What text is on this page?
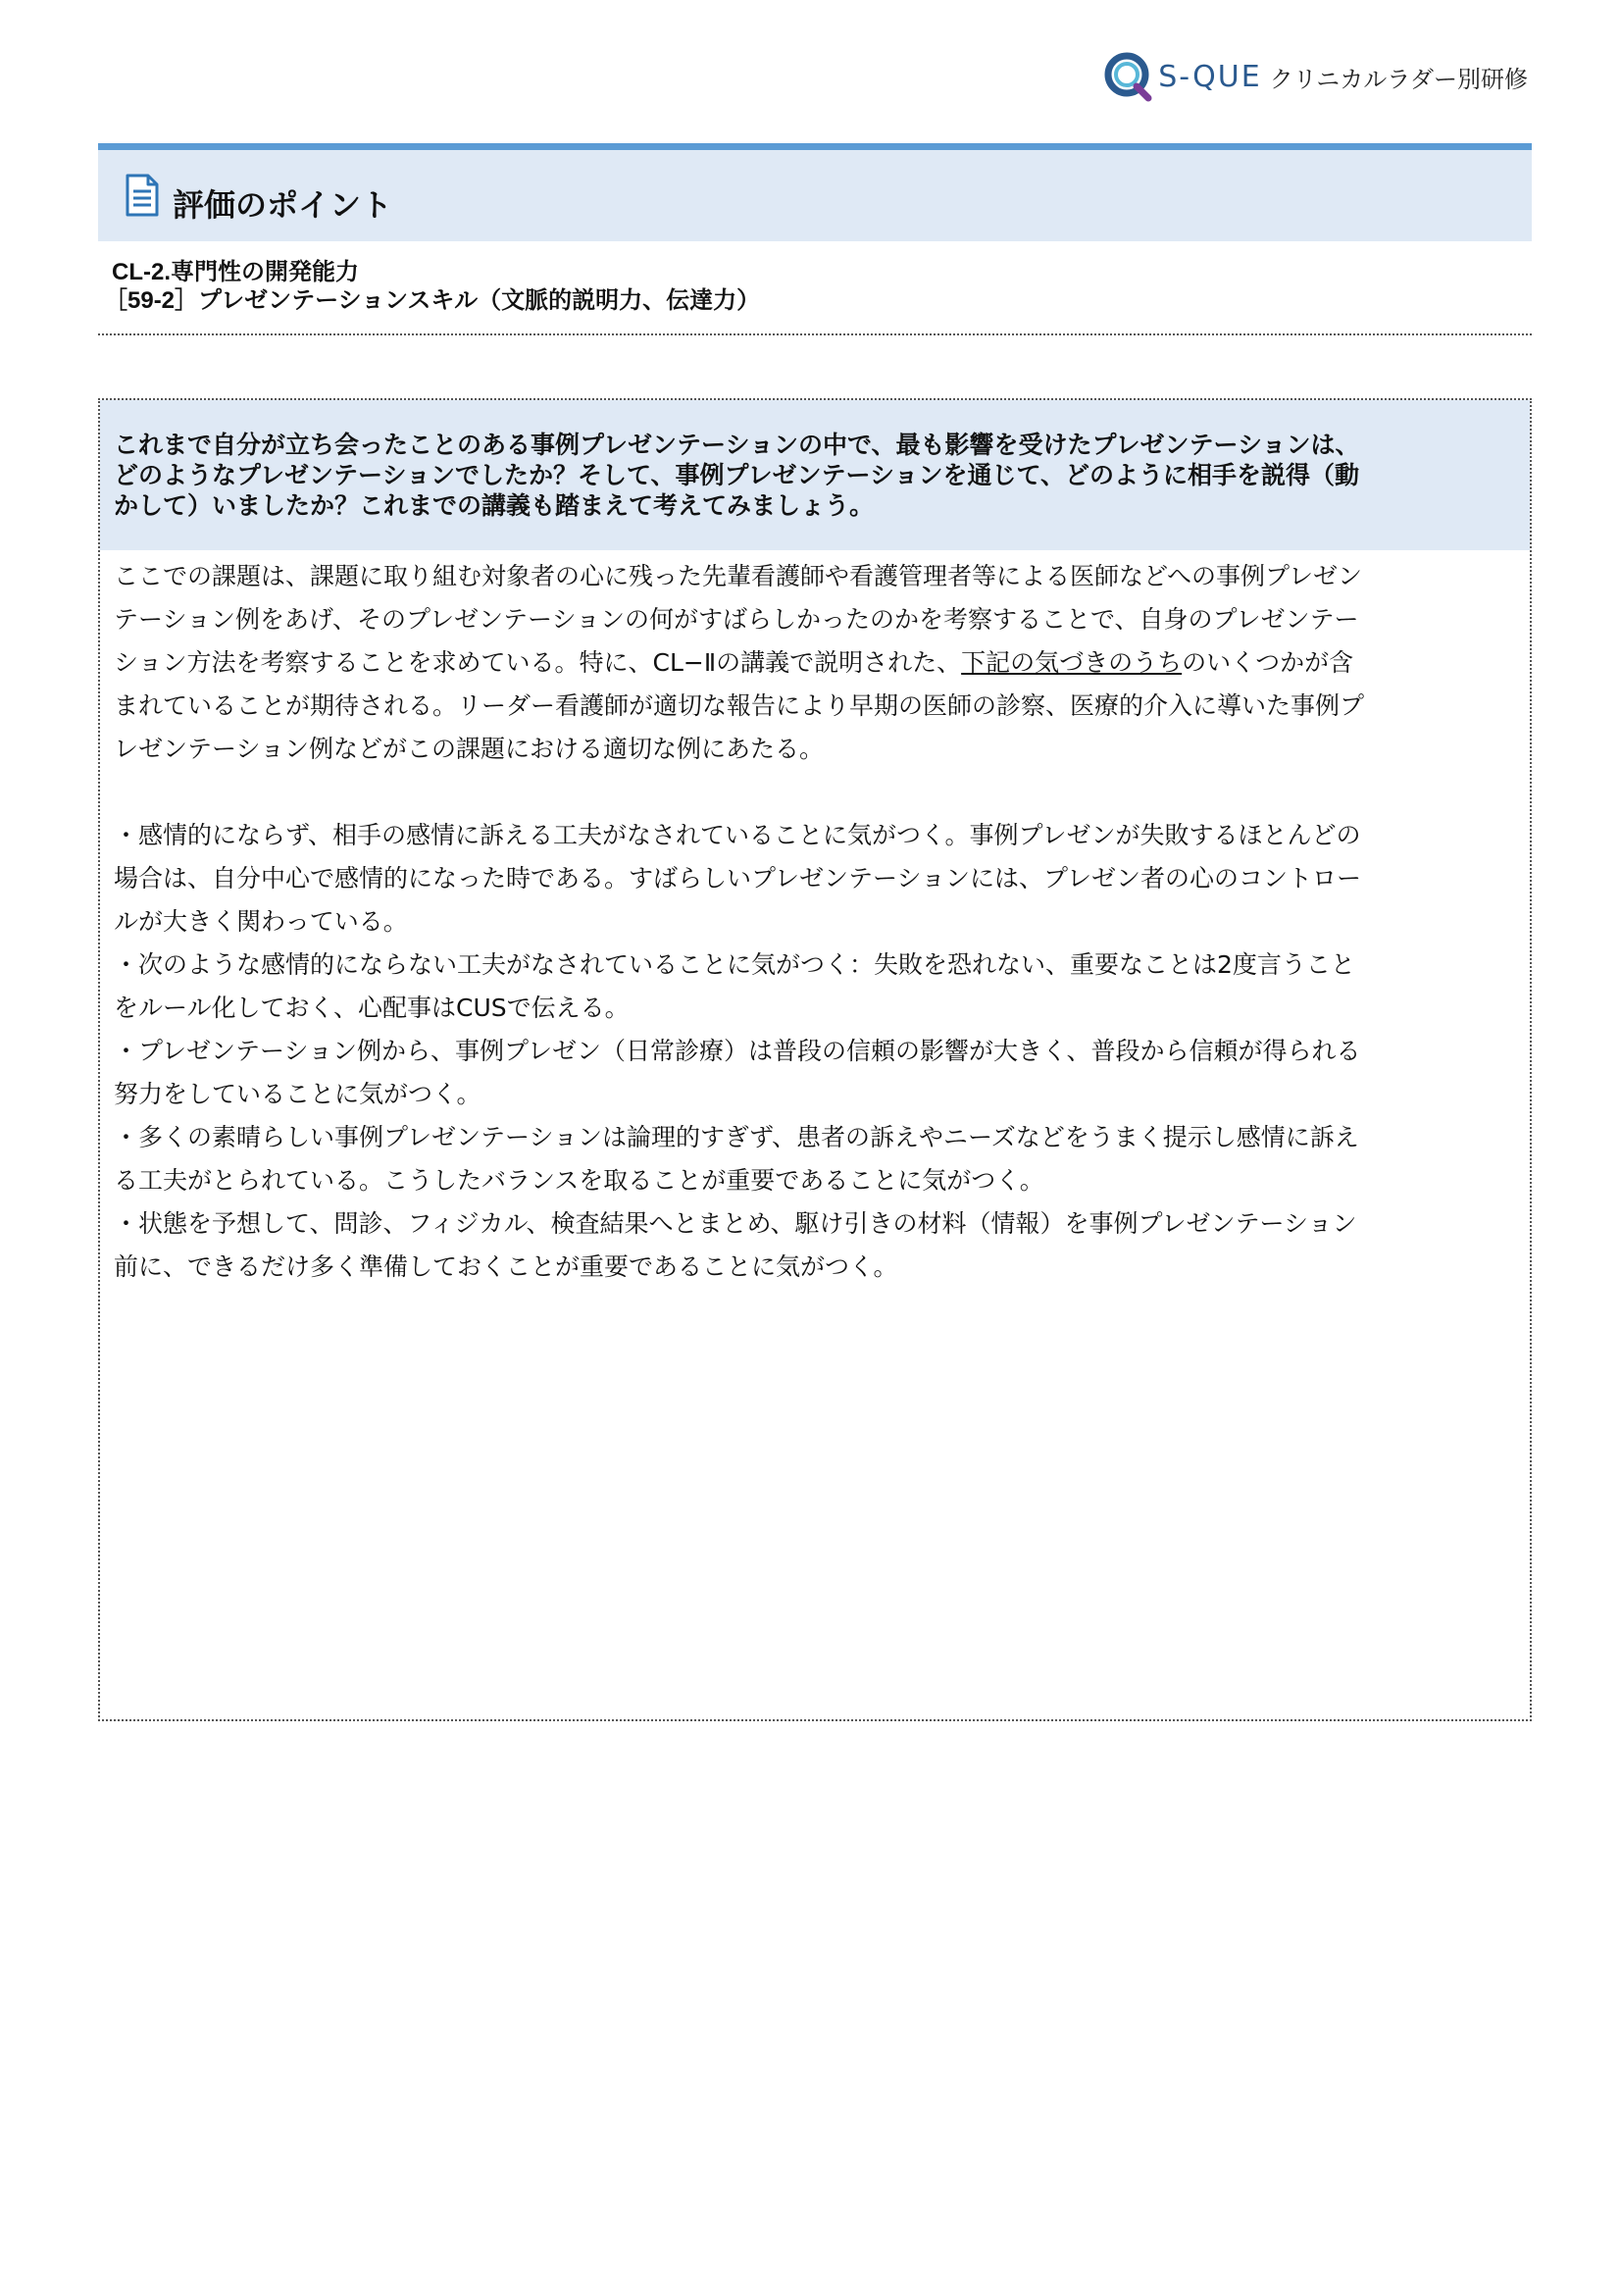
S-QUE クリニカルラダー別研修
評価のポイント
CL-2.専門性の開発能力
［59-2］プレゼンテーションスキル（文脈的説明力、伝達力）
これまで自分が立ち会ったことのある事例プレゼンテーションの中で、最も影響を受けたプレゼンテーションは、
どのようなプレゼンテーションでしたか？そして、事例プレゼンテーションを通じて、どのように相手を説得（動
かして）いましたか？これまでの講義も踏まえて考えてみましょう。

ここでの課題は、課題に取り組む対象者の心に残った先輩看護師や看護管理者等による医師などへの事例プレゼン

テーション例をあげ、そのプレゼンテーションの何がすばらしかったのかを考察することで、自身のプレゼンテー

ション方法を考察することを求めている。特に、CL−Ⅱの講義で説明された、下記の気づきのうちのいくつかが含

まれていることが期待される。リーダー看護師が適切な報告により早期の医師の診察、医療的介入に導いた事例プ

レゼンテーション例などがこの課題における適切な例にあたる。

・感情的にならず、相手の感情に訴える工夫がなされていることに気がつく。事例プレゼンが失敗するほとんどの

場合は、自分中心で感情的になった時である。すばらしいプレゼンテーションには、プレゼン者の心のコントロー

ルが大きく関わっている。

・次のような感情的にならない工夫がなされていることに気がつく：失敗を恐れない、重要なことは2度言うこと

をルール化しておく、心配事はCUSで伝える。

・プレゼンテーション例から、事例プレゼン（日常診療）は普段の信頼の影響が大きく、普段から信頼が得られる

努力をしていることに気がつく。

・多くの素晴らしい事例プレゼンテーションは論理的すぎず、患者の訴えやニーズなどをうまく提示し感情に訴え

る工夫がとられている。こうしたバランスを取ることが重要であることに気がつく。

・状態を予想して、問診、フィジカル、検査結果へとまとめ、駆け引きの材料（情報）を事例プレゼンテーション

前に、できるだけ多く準備しておくことが重要であることに気がつく。
